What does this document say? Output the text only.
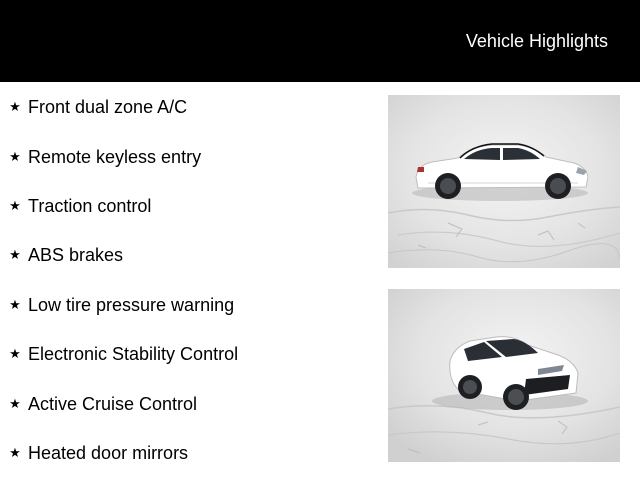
Vehicle Highlights
★ Front dual zone A/C
★ Remote keyless entry
★ Traction control
★ ABS brakes
★ Low tire pressure warning
★ Electronic Stability Control
★ Active Cruise Control
★ Heated door mirrors
